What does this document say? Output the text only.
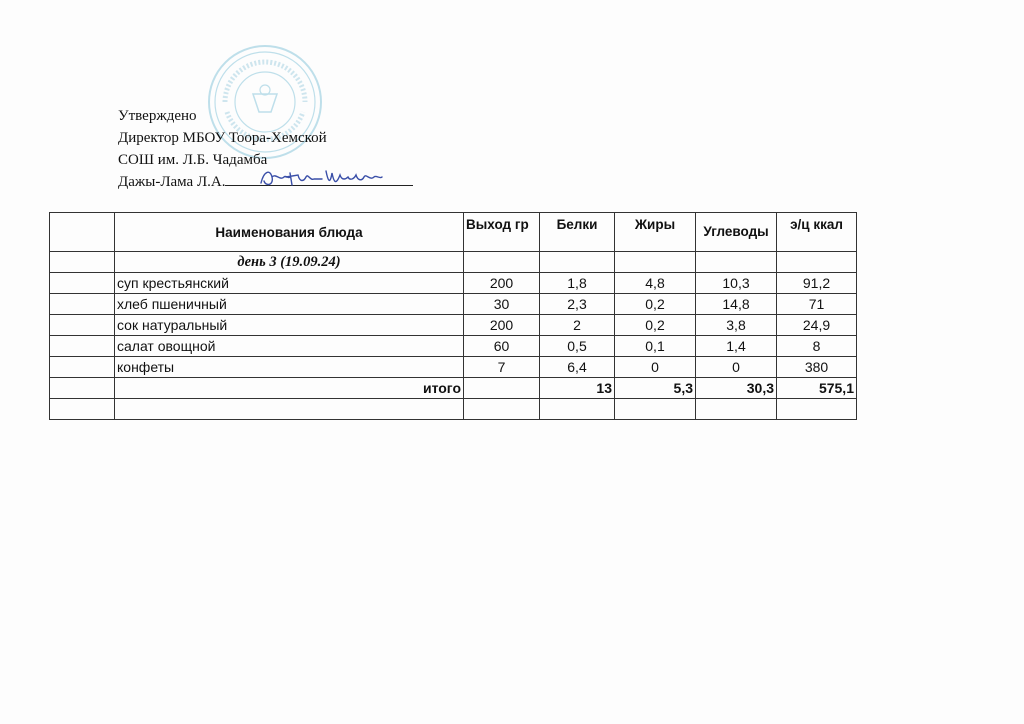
Утверждено
Директор МБОУ Тоора-Хемской
СОШ им. Л.Б. Чадамба
Дажы-Лама Л.А.
	Наименования блюда	Выход гр	Белки	Жиры	Углеводы	э/ц ккал
	день 3 (19.09.24)					
	суп крестьянский	200	1,8	4,8	10,3	91,2
	хлеб пшеничный	30	2,3	0,2	14,8	71
	сок натуральный	200	2	0,2	3,8	24,9
	салат овощной	60	0,5	0,1	1,4	8
	конфеты	7	6,4	0	0	380
	итого		13	5,3	30,3	575,1
